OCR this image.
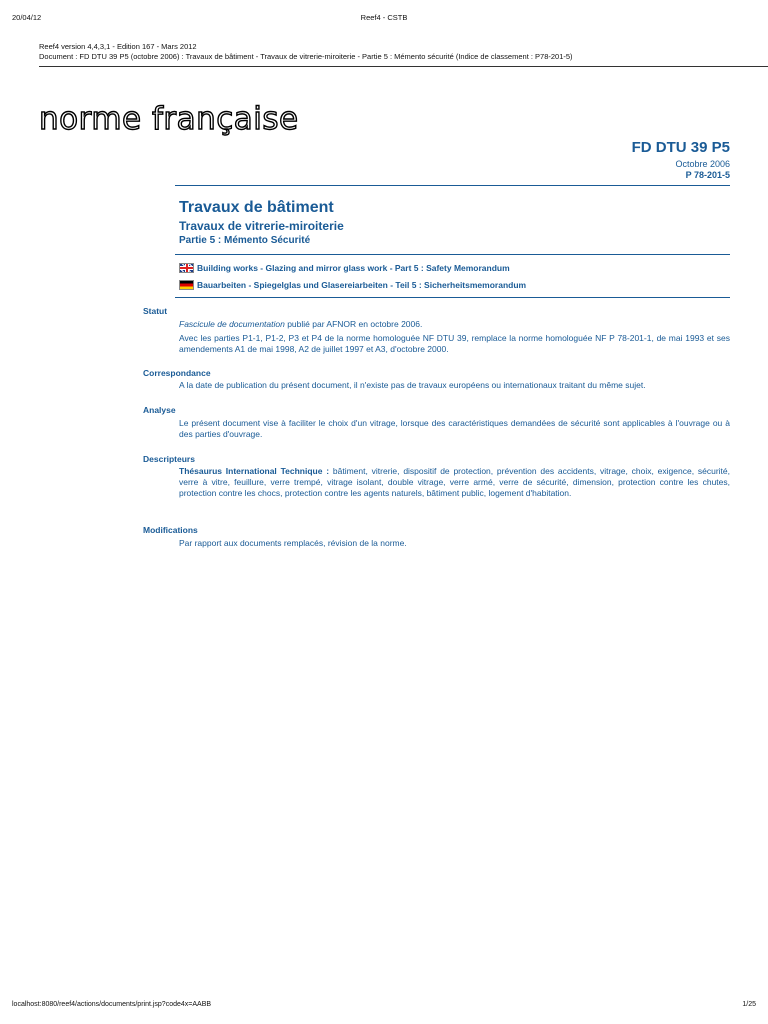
20/04/12	Reef4 - CSTB
Reef4 version 4,4,3,1 - Edition 167 - Mars 2012
Document : FD DTU 39 P5 (octobre 2006) : Travaux de bâtiment - Travaux de vitrerie-miroiterie - Partie 5 : Mémento sécurité (Indice de classement : P78-201-5)
norme française
FD DTU 39 P5
Octobre 2006
P 78-201-5
Travaux de bâtiment
Travaux de vitrerie-miroiterie
Partie 5 : Mémento Sécurité
Building works - Glazing and mirror glass work - Part 5 : Safety Memorandum
Bauarbeiten - Spiegelglas und Glasereiarbeiten - Teil 5 : Sicherheitsmemorandum
Statut
Fascicule de documentation publié par AFNOR en octobre 2006.
Avec les parties P1-1, P1-2, P3 et P4 de la norme homologuée NF DTU 39, remplace la norme homologuée NF P 78-201-1, de mai 1993 et ses amendements A1 de mai 1998, A2 de juillet 1997 et A3, d'octobre 2000.
Correspondance
A la date de publication du présent document, il n'existe pas de travaux européens ou internationaux traitant du même sujet.
Analyse
Le présent document vise à faciliter le choix d'un vitrage, lorsque des caractéristiques demandées de sécurité sont applicables à l'ouvrage ou à des parties d'ouvrage.
Descripteurs
Thésaurus International Technique : bâtiment, vitrerie, dispositif de protection, prévention des accidents, vitrage, choix, exigence, sécurité, verre à vitre, feuillure, verre trempé, vitrage isolant, double vitrage, verre armé, verre de sécurité, dimension, protection contre les chutes, protection contre les chocs, protection contre les agents naturels, bâtiment public, logement d'habitation.
Modifications
Par rapport aux documents remplacés, révision de la norme.
localhost:8080/reef4/actions/documents/print.jsp?code4x=AABB	1/25
